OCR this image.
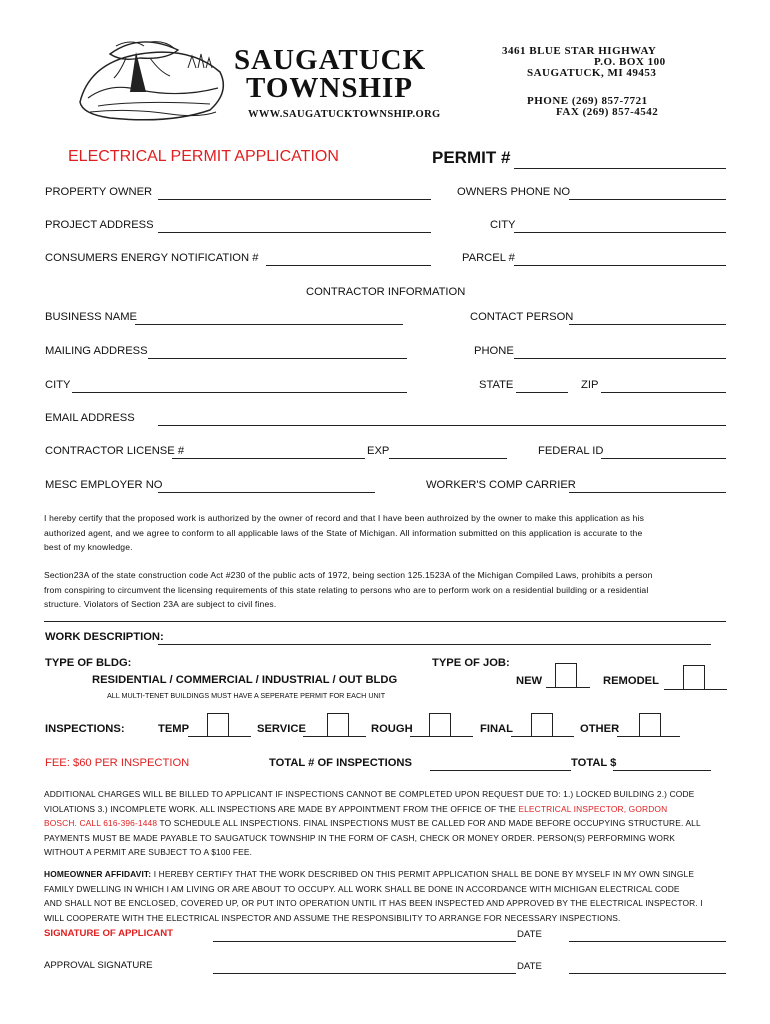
SAUGATUCK
TOWNSHIP
WWW.SAUGATUCKTOWNSHIP.ORG
3461 BLUE STAR HIGHWAY
P.O. BOX 100
SAUGATUCK, MI 49453
PHONE (269) 857-7721
FAX (269) 857-4542
ELECTRICAL PERMIT APPLICATION	PERMIT #
PROPERTY OWNER	OWNERS PHONE NO
PROJECT ADDRESS	CITY
CONSUMERS ENERGY NOTIFICATION #	PARCEL #
CONTRACTOR INFORMATION
BUSINESS NAME	CONTACT PERSON
MAILING ADDRESS	PHONE
CITY	STATE	ZIP
EMAIL ADDRESS
CONTRACTOR LICENSE #	EXP	FEDERAL ID
MESC EMPLOYER NO	WORKER'S COMP CARRIER
I hereby certify that the proposed work is authorized by the owner of record and that I have been authroized by the owner to make this application as his
authorized agent, and we agree to conform to all applicable laws of the State of Michigan. All information submitted on this application is accurate to the
best of my knowledge.
Section23A of the state construction code Act #230 of the public acts of 1972, being section 125.1523A of the Michigan Compiled Laws, prohibits a person
from conspiring to circumvent the licensing requirements of this state relating to persons who are to perform work on a residential building or a residential
structure. Violators of Section 23A are subject to civil fines.
WORK DESCRIPTION:
TYPE OF BLDG:
RESIDENTIAL / COMMERCIAL / INDUSTRIAL / OUT BLDG
ALL MULTI-TENET BUILDINGS MUST HAVE A SEPERATE PERMIT FOR EACH UNIT
TYPE OF JOB:
NEW	REMODEL
INSPECTIONS:	TEMP	SERVICE	ROUGH	FINAL	OTHER
FEE: $60 PER INSPECTION	TOTAL # OF INSPECTIONS	TOTAL $
ADDITIONAL CHARGES WILL BE BILLED TO APPLICANT IF INSPECTIONS CANNOT BE COMPLETED UPON REQUEST DUE TO: 1.) LOCKED BUILDING 2.) CODE
VIOLATIONS 3.) INCOMPLETE WORK. ALL INSPECTIONS ARE MADE BY APPOINTMENT FROM THE OFFICE OF THE ELECTRICAL INSPECTOR, GORDON
BOSCH. CALL 616-396-1448 TO SCHEDULE ALL INSPECTIONS. FINAL INSPECTIONS MUST BE CALLED FOR AND MADE BEFORE OCCUPYING STRUCTURE. ALL
PAYMENTS MUST BE MADE PAYABLE TO SAUGATUCK TOWNSHIP IN THE FORM OF CASH, CHECK OR MONEY ORDER. PERSON(S) PERFORMING WORK
WITHOUT A PERMIT ARE SUBJECT TO A $100 FEE.
HOMEOWNER AFFIDAVIT: I HEREBY CERTIFY THAT THE WORK DESCRIBED ON THIS PERMIT APPLICATION SHALL BE DONE BY MYSELF IN MY OWN SINGLE
FAMILY DWELLING IN WHICH I AM LIVING OR ARE ABOUT TO OCCUPY. ALL WORK SHALL BE DONE IN ACCORDANCE WITH MICHIGAN ELECTRICAL CODE
AND SHALL NOT BE ENCLOSED, COVERED UP, OR PUT INTO OPERATION UNTIL IT HAS BEEN INSPECTED AND APPROVED BY THE ELECTRICAL INSPECTOR. I
WILL COOPERATE WITH THE ELECTRICAL INSPECTOR AND ASSUME THE RESPONSIBILITY TO ARRANGE FOR NECESSARY INSPECTIONS.
SIGNATURE OF APPLICANT	DATE
APPROVAL SIGNATURE	DATE
